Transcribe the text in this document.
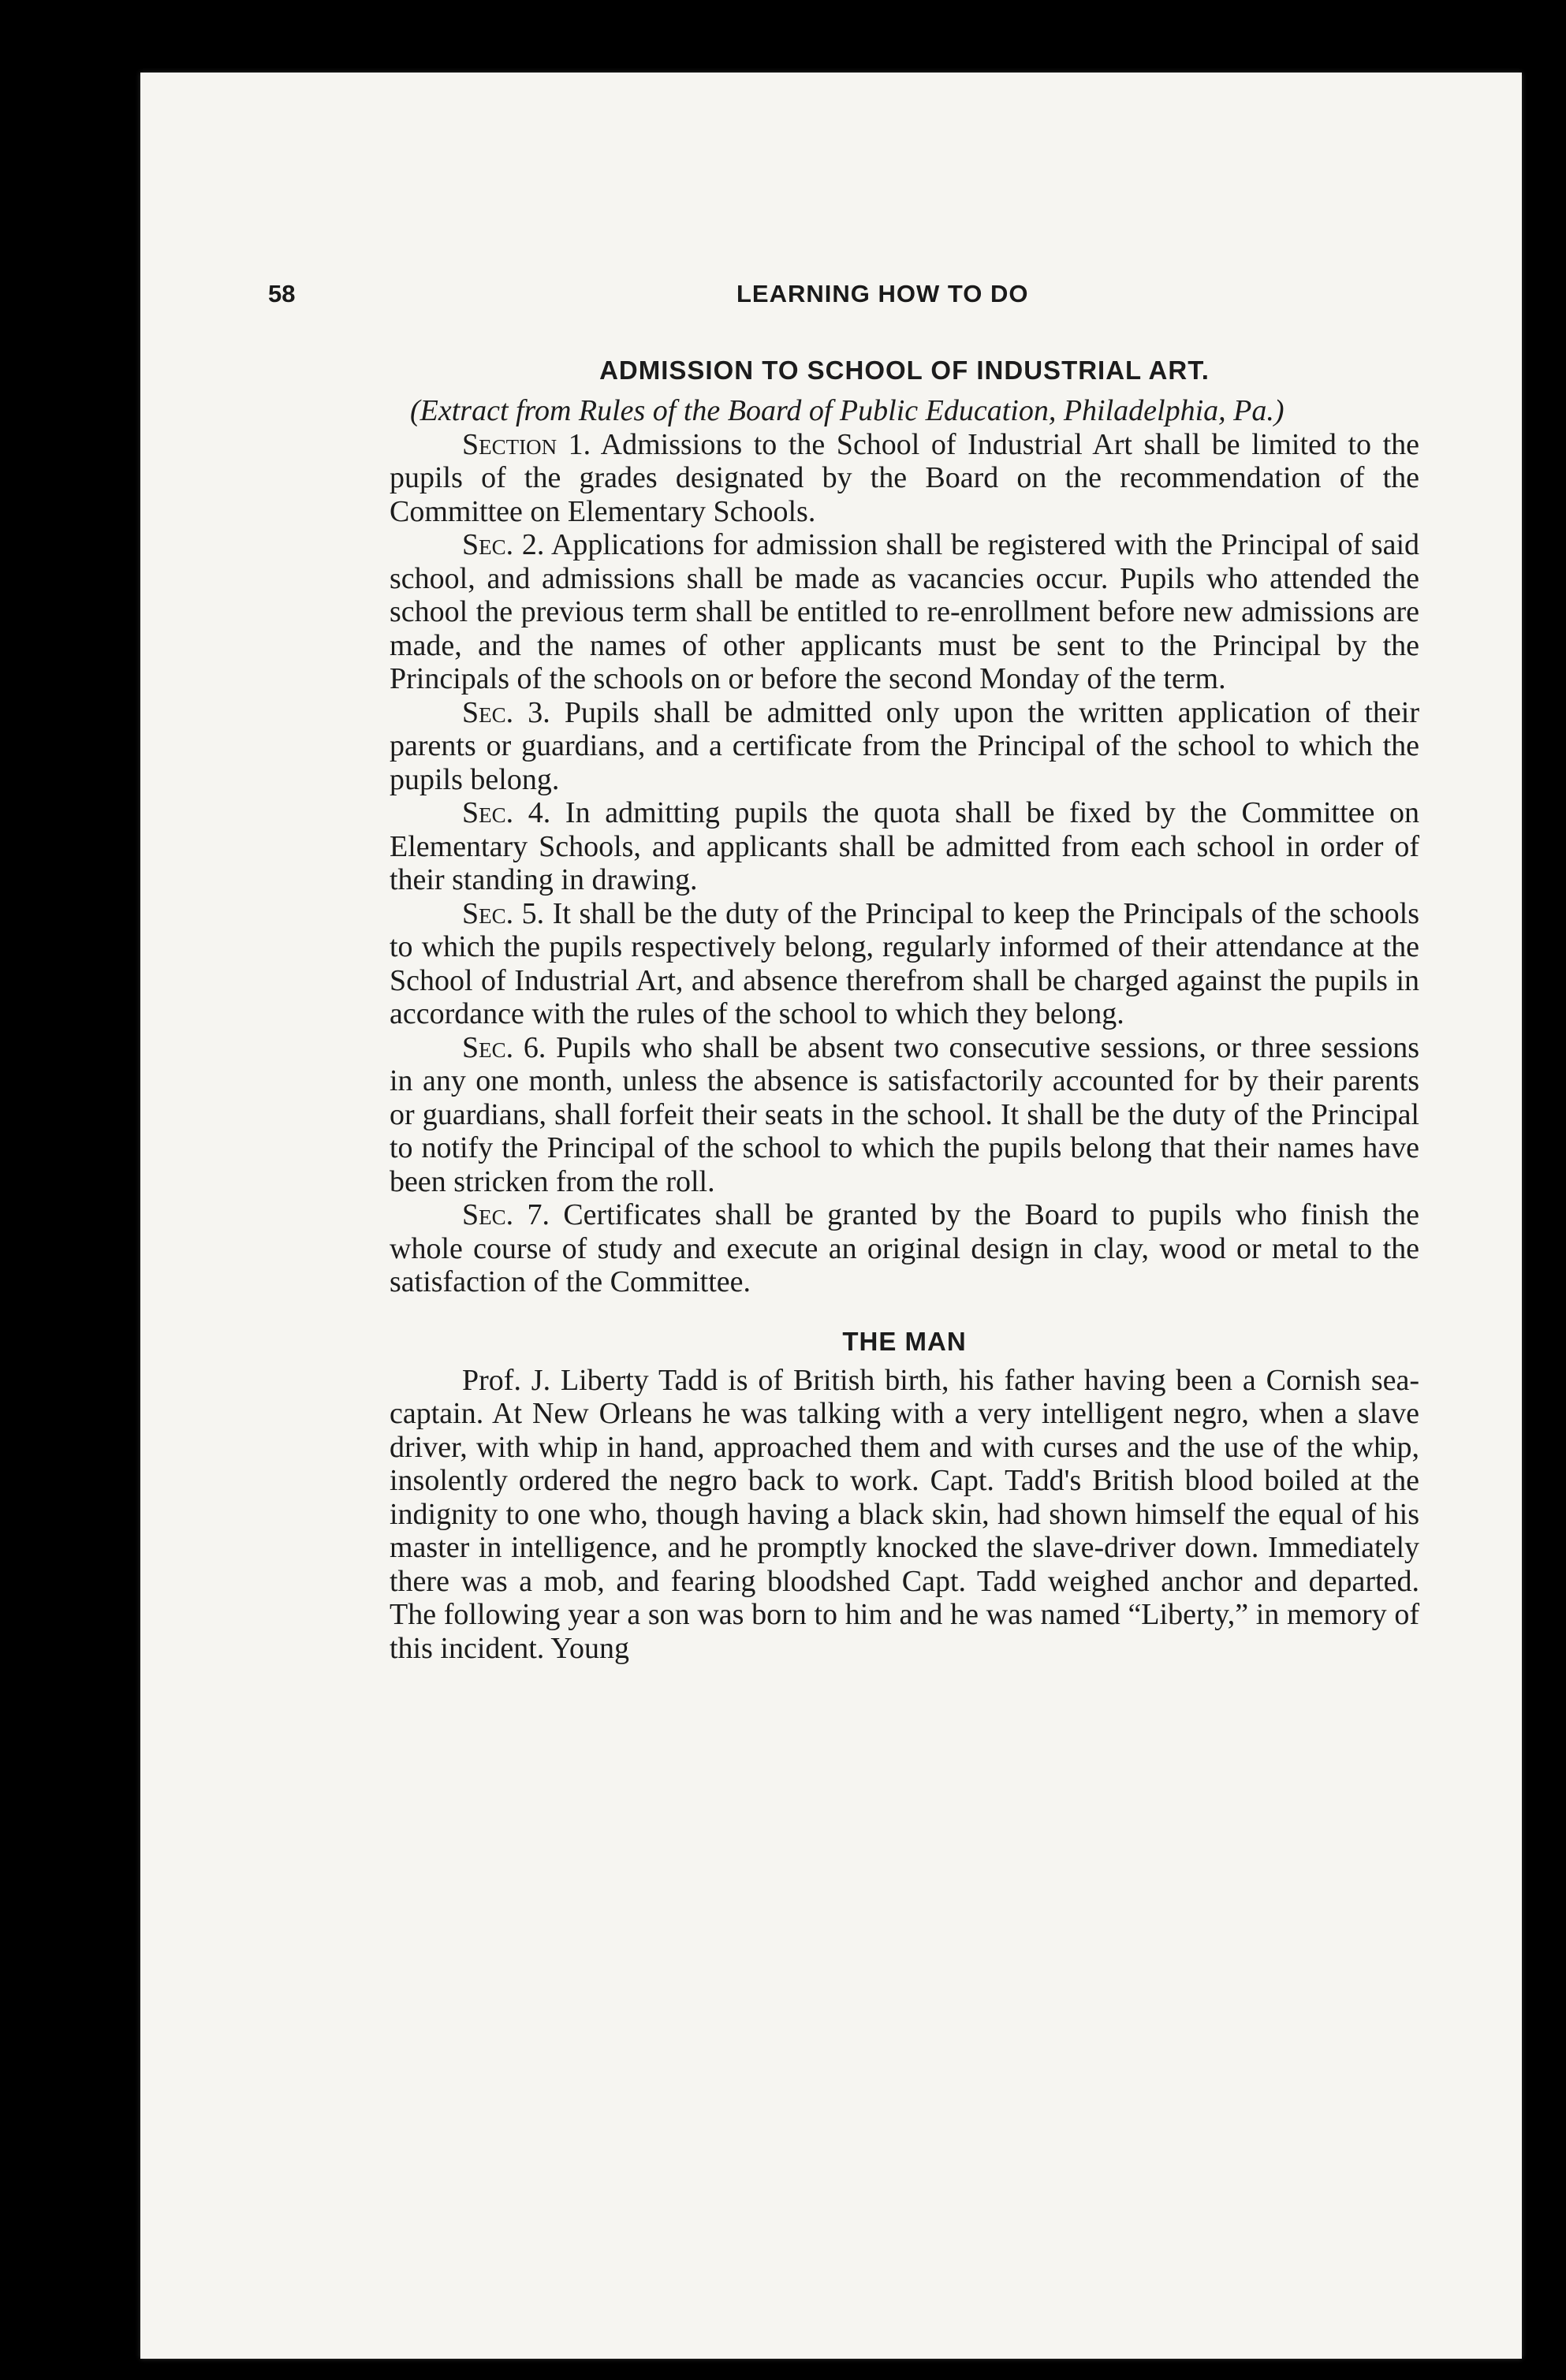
58	LEARNING HOW TO DO
ADMISSION TO SCHOOL OF INDUSTRIAL ART.

(Extract from Rules of the Board of Public Education, Philadelphia, Pa.)

Section 1. Admissions to the School of Industrial Art shall be limited to the pupils of the grades designated by the Board on the recommendation of the Committee on Elementary Schools.

Sec. 2. Applications for admission shall be registered with the Principal of said school, and admissions shall be made as vacancies occur. Pupils who attended the school the previous term shall be entitled to re-enrollment before new admissions are made, and the names of other applicants must be sent to the Principal by the Principals of the schools on or before the second Monday of the term.

Sec. 3. Pupils shall be admitted only upon the written application of their parents or guardians, and a certificate from the Principal of the school to which the pupils belong.

Sec. 4. In admitting pupils the quota shall be fixed by the Committee on Elementary Schools, and applicants shall be admitted from each school in order of their standing in drawing.

Sec. 5. It shall be the duty of the Principal to keep the Principals of the schools to which the pupils respectively belong, regularly informed of their attendance at the School of Industrial Art, and absence therefrom shall be charged against the pupils in accordance with the rules of the school to which they belong.

Sec. 6. Pupils who shall be absent two consecutive sessions, or three sessions in any one month, unless the absence is satisfactorily accounted for by their parents or guardians, shall forfeit their seats in the school. It shall be the duty of the Principal to notify the Principal of the school to which the pupils belong that their names have been stricken from the roll.

Sec. 7. Certificates shall be granted by the Board to pupils who finish the whole course of study and execute an original design in clay, wood or metal to the satisfaction of the Committee.

THE MAN

Prof. J. Liberty Tadd is of British birth, his father having been a Cornish sea-captain. At New Orleans he was talking with a very intelligent negro, when a slave driver, with whip in hand, approached them and with curses and the use of the whip, insolently ordered the negro back to work. Capt. Tadd's British blood boiled at the indignity to one who, though having a black skin, had shown himself the equal of his master in intelligence, and he promptly knocked the slave-driver down. Immediately there was a mob, and fearing bloodshed Capt. Tadd weighed anchor and departed. The following year a son was born to him and he was named “Liberty,” in memory of this incident. Young
